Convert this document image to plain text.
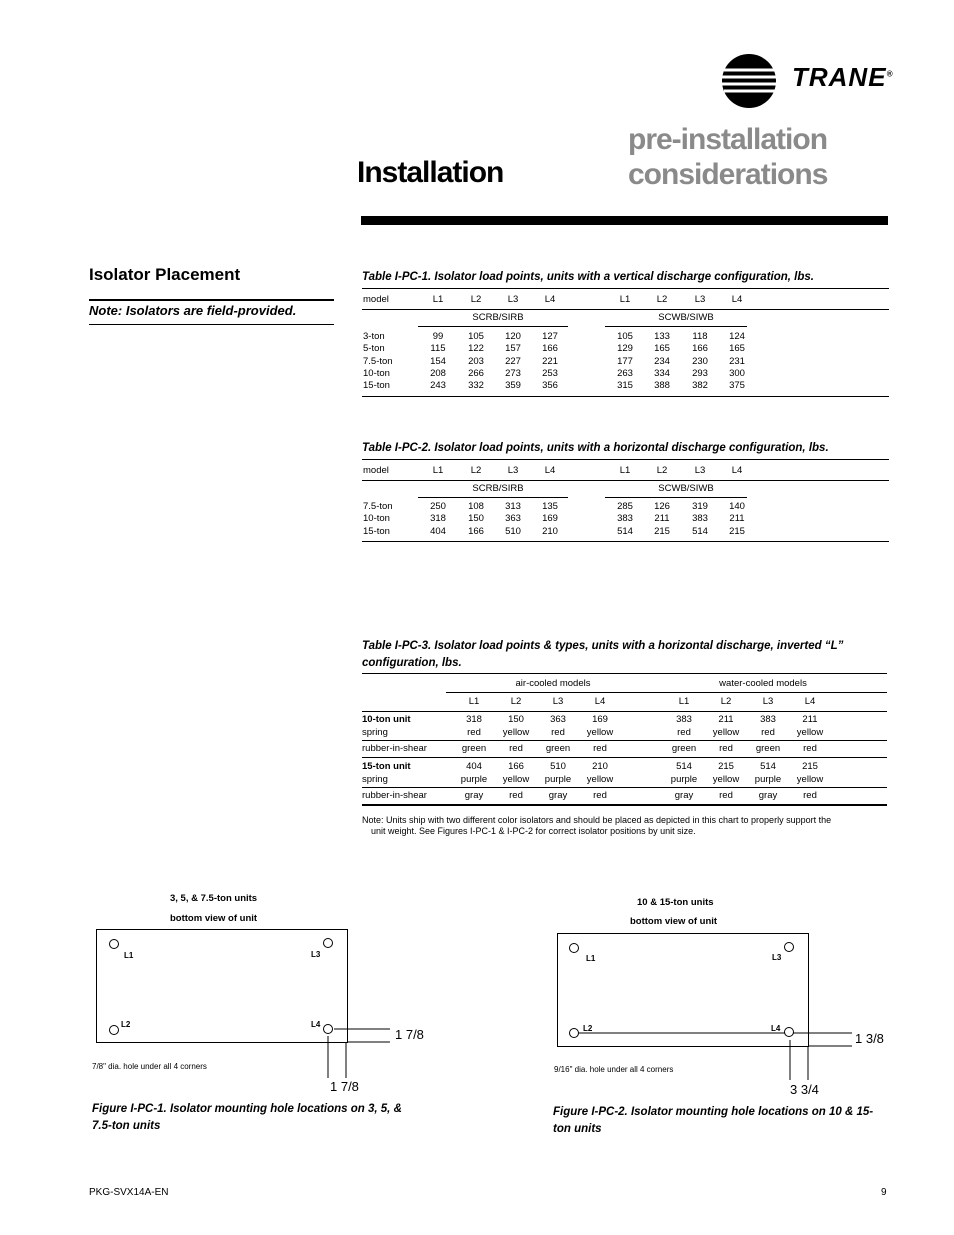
TRANE®
Installation
pre-installation
considerations
Isolator Placement
Note: Isolators are field-provided.
Table I-PC-1. Isolator load points, units with a vertical discharge configuration, lbs.
model	L1	L2	L3	L4	L1	L2	L3	L4
SCRB/SIRB	SCWB/SIWB
3-ton	99	105 120 127	105 133 118 124
5-ton	115 122 157 166	129 165 166 165
7.5-ton	154 203 227 221	177 234 230 231
10-ton	208 266 273 253	263 334 293 300
15-ton	243 332 359 356	315 388 382 375
Table I-PC-2. Isolator load points, units with a horizontal discharge configuration, lbs.
model	L1	L2	L3	L4	L1	L2	L3	L4
SCRB/SIRB	SCWB/SIWB
7.5-ton	250 108 313 135	285 126 319 140
10-ton	318 150 363 169	383 211 383 211
15-ton	404 166 510 210	514 215 514 215
Table I-PC-3. Isolator load points & types, units with a horizontal discharge, inverted “L”
configuration, lbs.
air-cooled models	water-cooled models
L1	L2	L3	L4	L1	L2	L3	L4
10-ton unit	318	150	363	169	383	211	383	211
spring	red yellow red yellow	red yellow red yellow
rubber-in-shear	green red green red	green red green red
15-ton unit	404	166	510	210	514	215	514	215
spring	purple yellow purple yellow	purple yellow purple yellow
rubber-in-shear	gray	red	gray	red	gray	red	gray	red
Note: Units ship with two different color isolators and should be placed as depicted in this chart to properly support the
unit weight. See Figures I-PC-1 & I-PC-2 for correct isolator positions by unit size.
3, 5, & 7.5-ton units
bottom view of unit
L1	L3
L2	L4
1 7/8
1 7/8
7/8" dia. hole under all 4 corners
Figure I-PC-1. Isolator mounting hole locations on 3, 5, &
7.5-ton units
10 & 15-ton units
bottom view of unit
L1	L3
L2	L4
1 3/8
3 3/4
9/16" dia. hole under all 4 corners
Figure I-PC-2. Isolator mounting hole locations on 10 & 15-
ton units
PKG-SVX14A-EN	9
